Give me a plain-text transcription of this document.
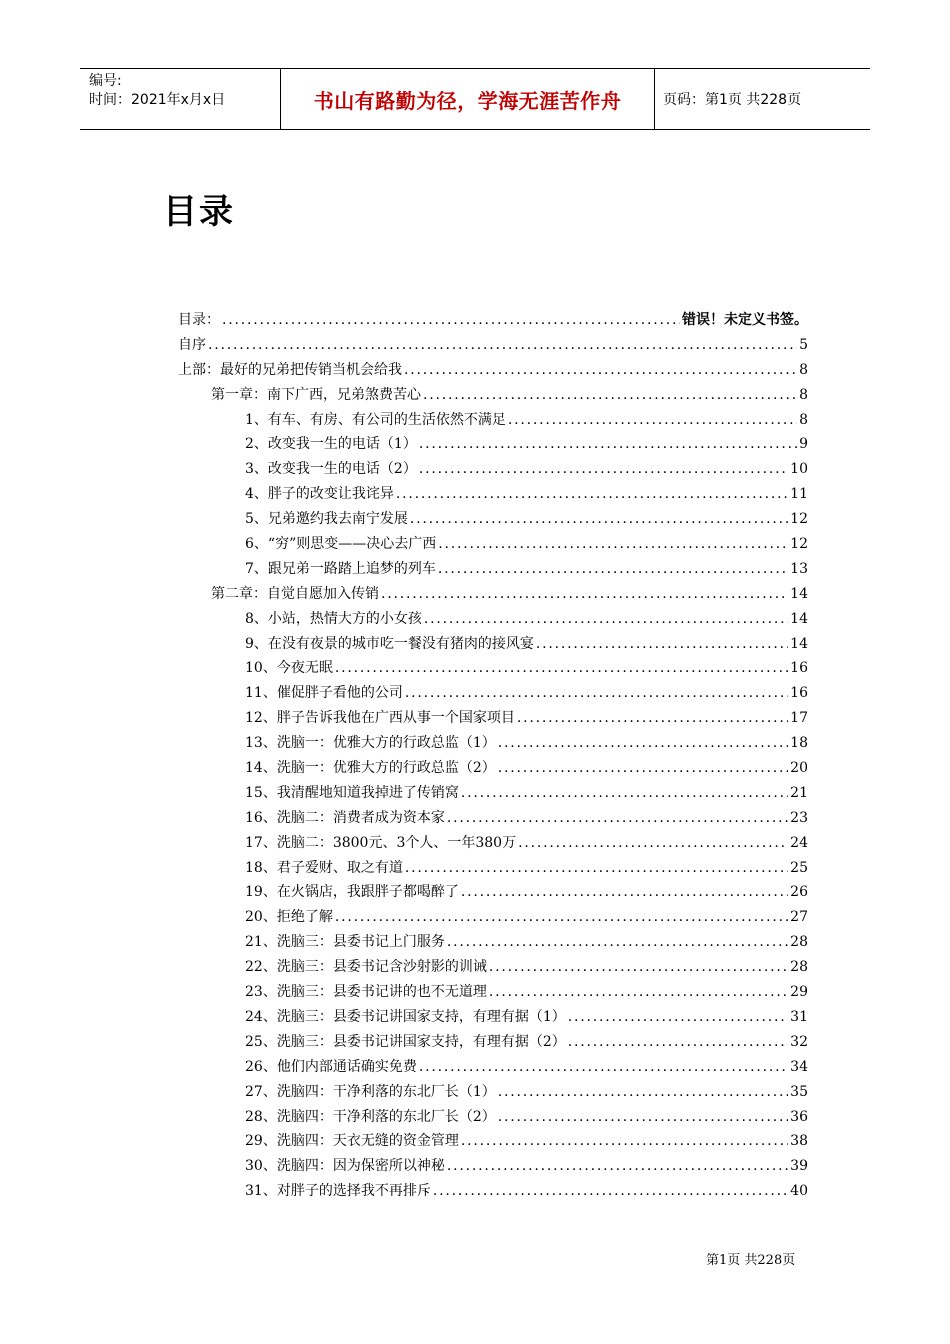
编号:
时间：2021年x月x日	书山有路勤为径，学海无涯苦作舟	页码：第1页 共228页
目录
目录： .....	错误！未定义书签。
自序 .....	5
上部：最好的兄弟把传销当机会给我 .....	8
第一章：南下广西，兄弟煞费苦心 .....	8
1、有车、有房、有公司的生活依然不满足 .....	8
2、改变我一生的电话（1） .....	9
3、改变我一生的电话（2） .....	10
4、胖子的改变让我诧异 .....	11
5、兄弟邀约我去南宁发展 .....	12
6、“穷”则思变——决心去广西 .....	12
7、跟兄弟一路踏上追梦的列车 .....	13
第二章：自觉自愿加入传销 .....	14
8、小站，热情大方的小女孩 .....	14
9、在没有夜景的城市吃一餐没有猪肉的接风宴 .....	14
10、今夜无眠 .....	16
11、催促胖子看他的公司 .....	16
12、胖子告诉我他在广西从事一个国家项目 .....	17
13、洗脑一：优雅大方的行政总监（1） .....	18
14、洗脑一：优雅大方的行政总监（2） .....	20
15、我清醒地知道我掉进了传销窝 .....	21
16、洗脑二：消费者成为资本家 .....	23
17、洗脑二：3800元、3个人、一年380万 .....	24
18、君子爱财、取之有道 .....	25
19、在火锅店，我跟胖子都喝醉了 .....	26
20、拒绝了解 .....	27
21、洗脑三：县委书记上门服务 .....	28
22、洗脑三：县委书记含沙射影的训诫 .....	28
23、洗脑三：县委书记讲的也不无道理 .....	29
24、洗脑三：县委书记讲国家支持，有理有据（1） .....	31
25、洗脑三：县委书记讲国家支持，有理有据（2） .....	32
26、他们内部通话确实免费 .....	34
27、洗脑四：干净利落的东北厂长（1） .....	35
28、洗脑四：干净利落的东北厂长（2） .....	36
29、洗脑四：天衣无缝的资金管理 .....	38
30、洗脑四：因为保密所以神秘 .....	39
31、对胖子的选择我不再排斥 .....	40
第1页 共228页
